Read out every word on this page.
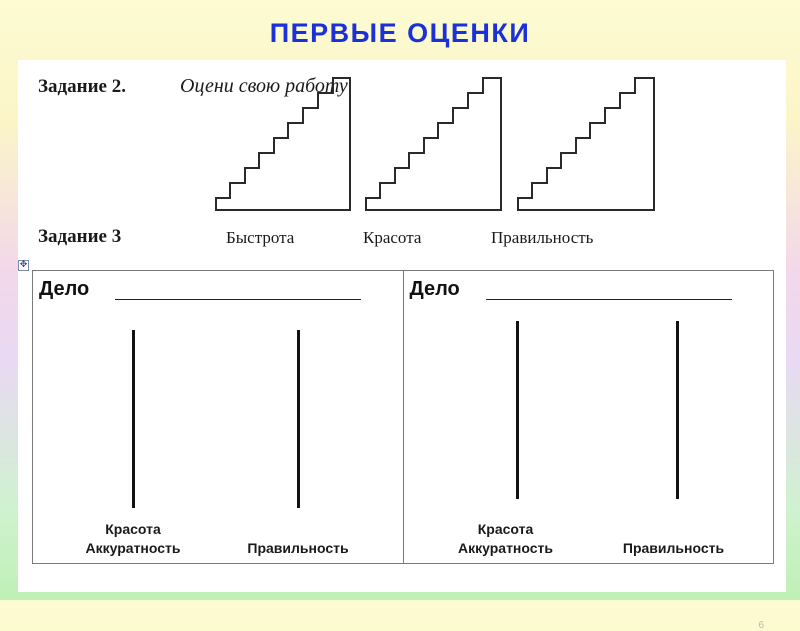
ПЕРВЫЕ ОЦЕНКИ
Задание 2.	Оцени свою работу
Задание 3	Быстрота	Красота	Правильность
✥
Дело
Красота
Аккуратность	Правильность
Дело
Красота
Аккуратность	Правильность
6
